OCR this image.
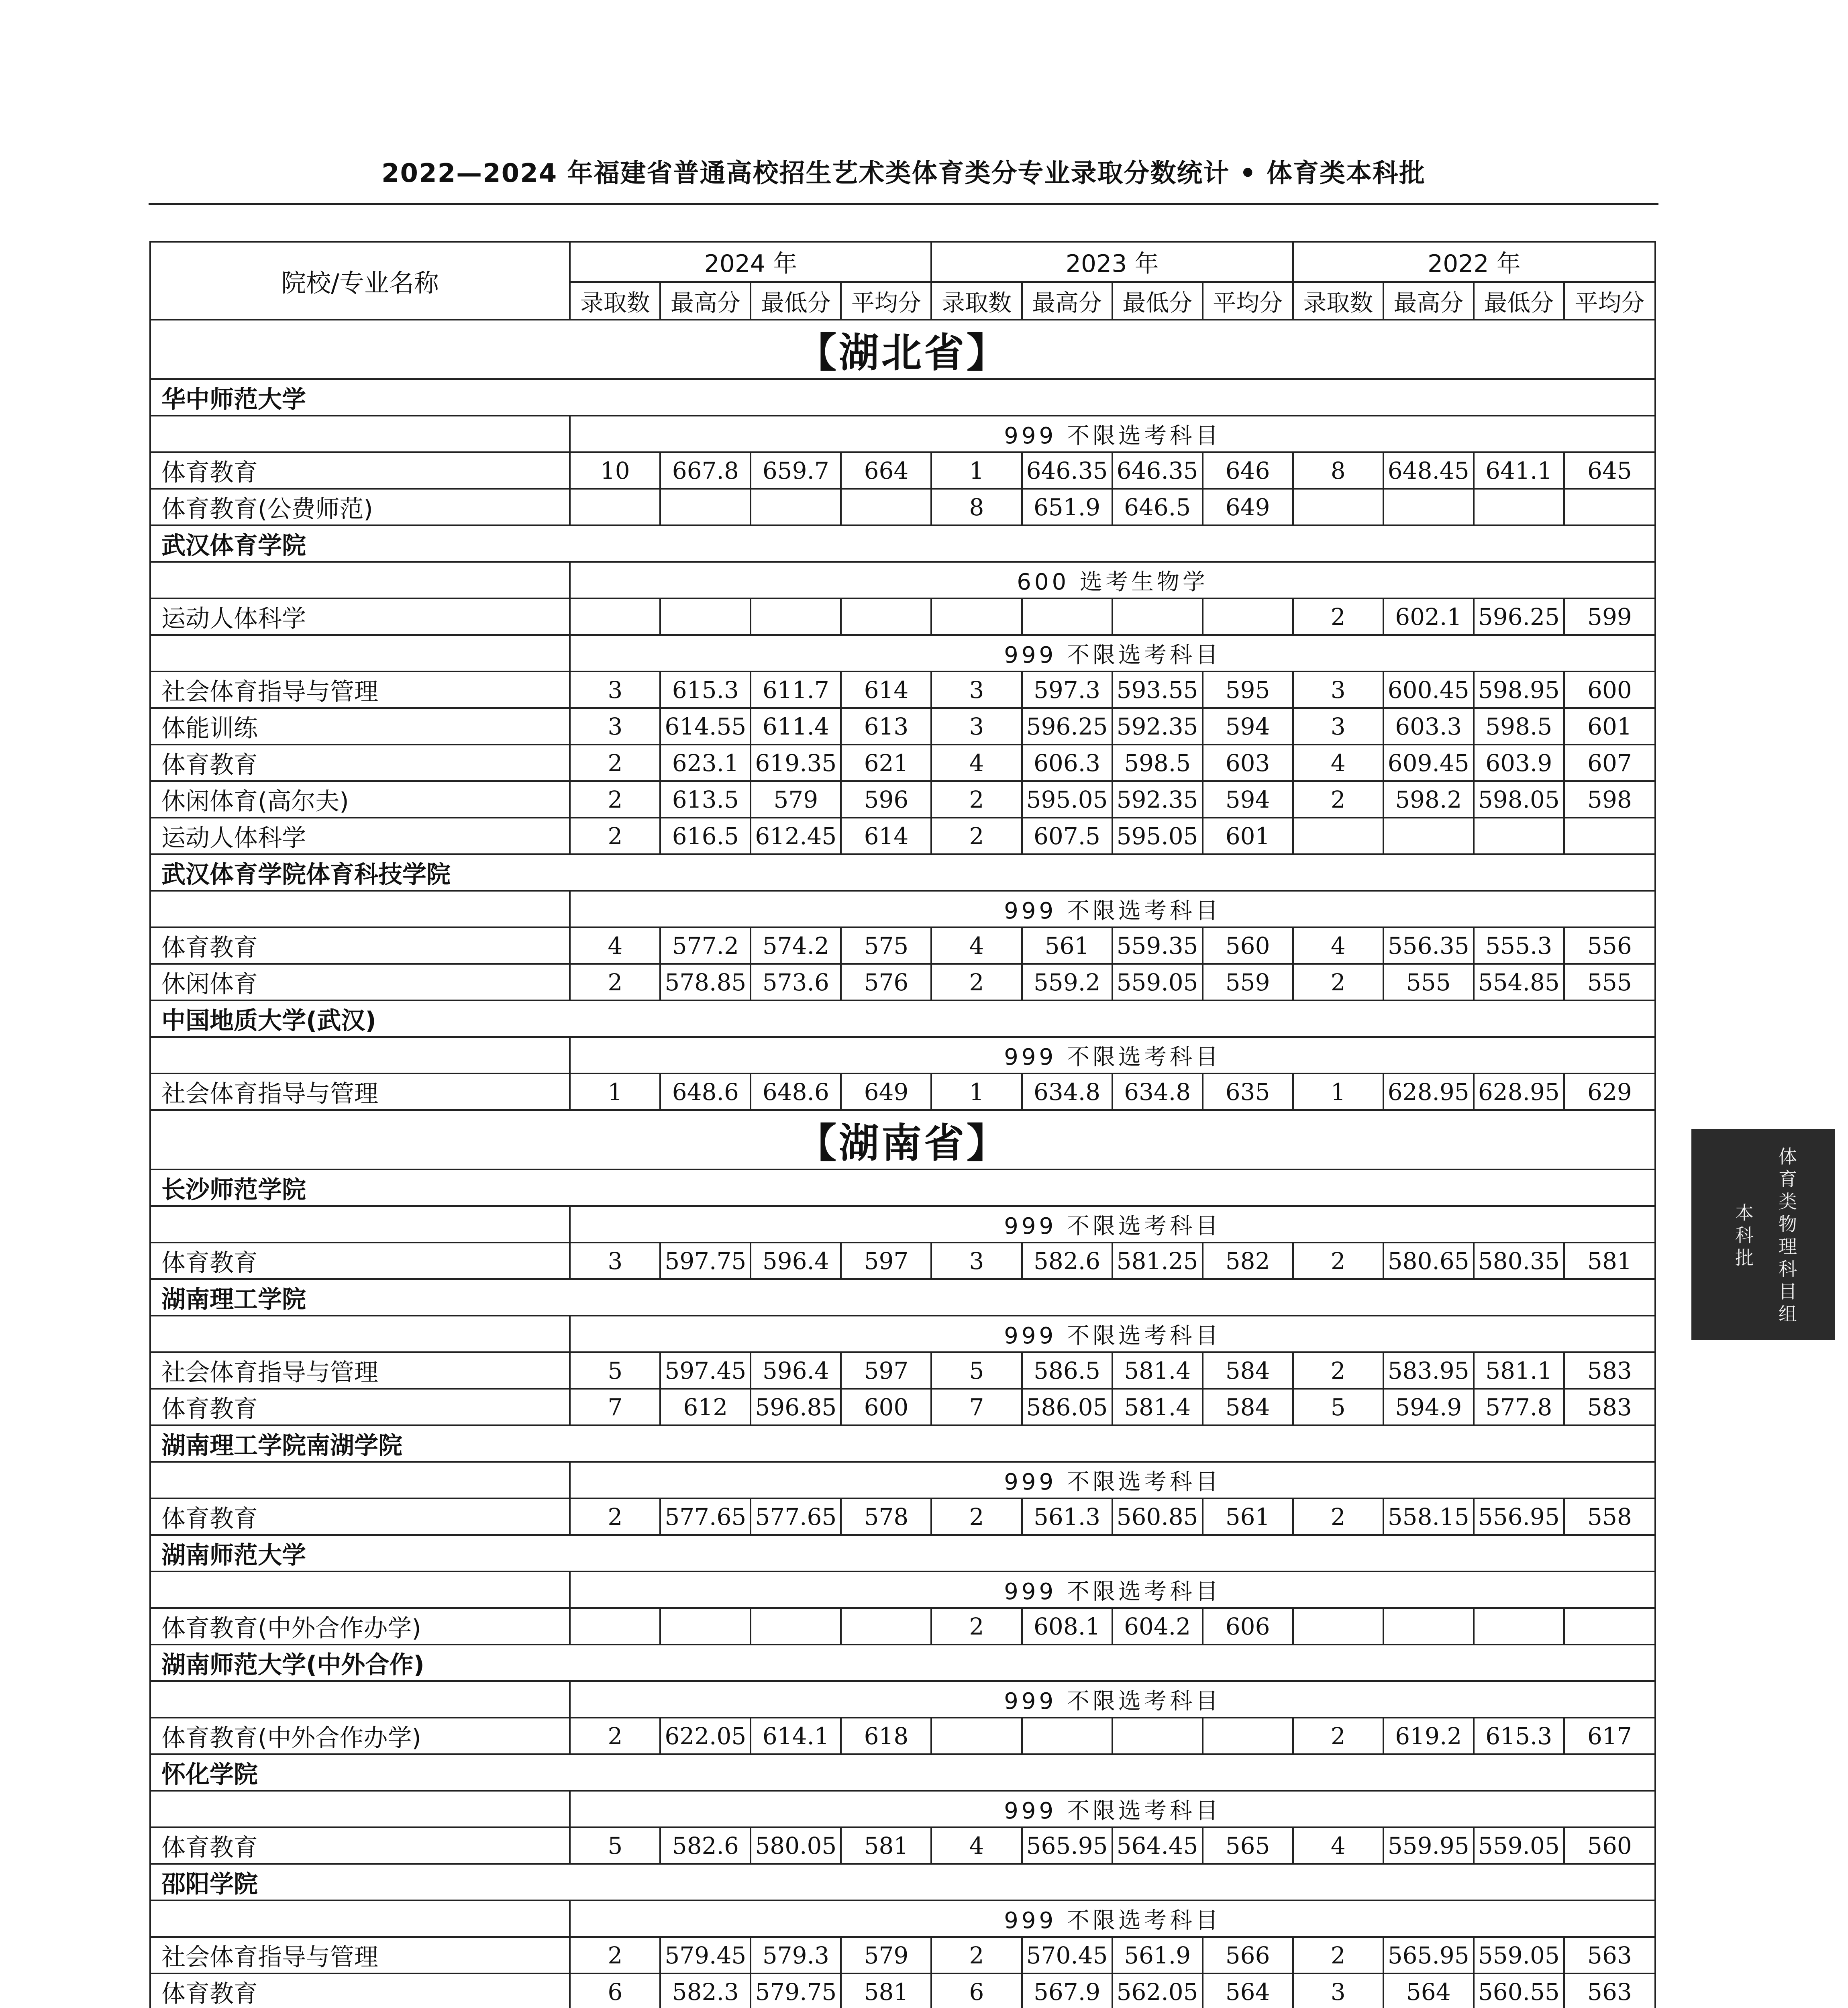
2022—2024 年福建省普通高校招生艺术类体育类分专业录取分数统计 • 体育类本科批
院校/专业名称	2024 年				2023 年				2022 年			
	录取数	最高分	最低分	平均分	录取数	最高分	最低分	平均分	录取数	最高分	最低分	平均分
【湖北省】												
华中师范大学												
	999 不限选考科目											
体育教育	10	667.8	659.7	664	1	646.35	646.35	646	8	648.45	641.1	645
体育教育(公费师范)					8	651.9	646.5	649				
武汉体育学院												
	600 选考生物学											
运动人体科学									2	602.1	596.25	599
	999 不限选考科目											
社会体育指导与管理	3	615.3	611.7	614	3	597.3	593.55	595	3	600.45	598.95	600
体能训练	3	614.55	611.4	613	3	596.25	592.35	594	3	603.3	598.5	601
体育教育	2	623.1	619.35	621	4	606.3	598.5	603	4	609.45	603.9	607
休闲体育(高尔夫)	2	613.5	579	596	2	595.05	592.35	594	2	598.2	598.05	598
运动人体科学	2	616.5	612.45	614	2	607.5	595.05	601				
武汉体育学院体育科技学院												
	999 不限选考科目											
体育教育	4	577.2	574.2	575	4	561	559.35	560	4	556.35	555.3	556
休闲体育	2	578.85	573.6	576	2	559.2	559.05	559	2	555	554.85	555
中国地质大学(武汉)												
	999 不限选考科目											
社会体育指导与管理	1	648.6	648.6	649	1	634.8	634.8	635	1	628.95	628.95	629
【湖南省】												
长沙师范学院												
	999 不限选考科目											
体育教育	3	597.75	596.4	597	3	582.6	581.25	582	2	580.65	580.35	581
湖南理工学院												
	999 不限选考科目											
社会体育指导与管理	5	597.45	596.4	597	5	586.5	581.4	584	2	583.95	581.1	583
体育教育	7	612	596.85	600	7	586.05	581.4	584	5	594.9	577.8	583
湖南理工学院南湖学院												
	999 不限选考科目											
体育教育	2	577.65	577.65	578	2	561.3	560.85	561	2	558.15	556.95	558
湖南师范大学												
	999 不限选考科目											
体育教育(中外合作办学)					2	608.1	604.2	606				
湖南师范大学(中外合作)												
	999 不限选考科目											
体育教育(中外合作办学)	2	622.05	614.1	618					2	619.2	615.3	617
怀化学院												
	999 不限选考科目											
体育教育	5	582.6	580.05	581	4	565.95	564.45	565	4	559.95	559.05	560
邵阳学院												
	999 不限选考科目											
社会体育指导与管理	2	579.45	579.3	579	2	570.45	561.9	566	2	565.95	559.05	563
体育教育	6	582.3	579.75	581	6	567.9	562.05	564	3	564	560.55	563

体
育
类
物
理
科
目
组
本
科
批
